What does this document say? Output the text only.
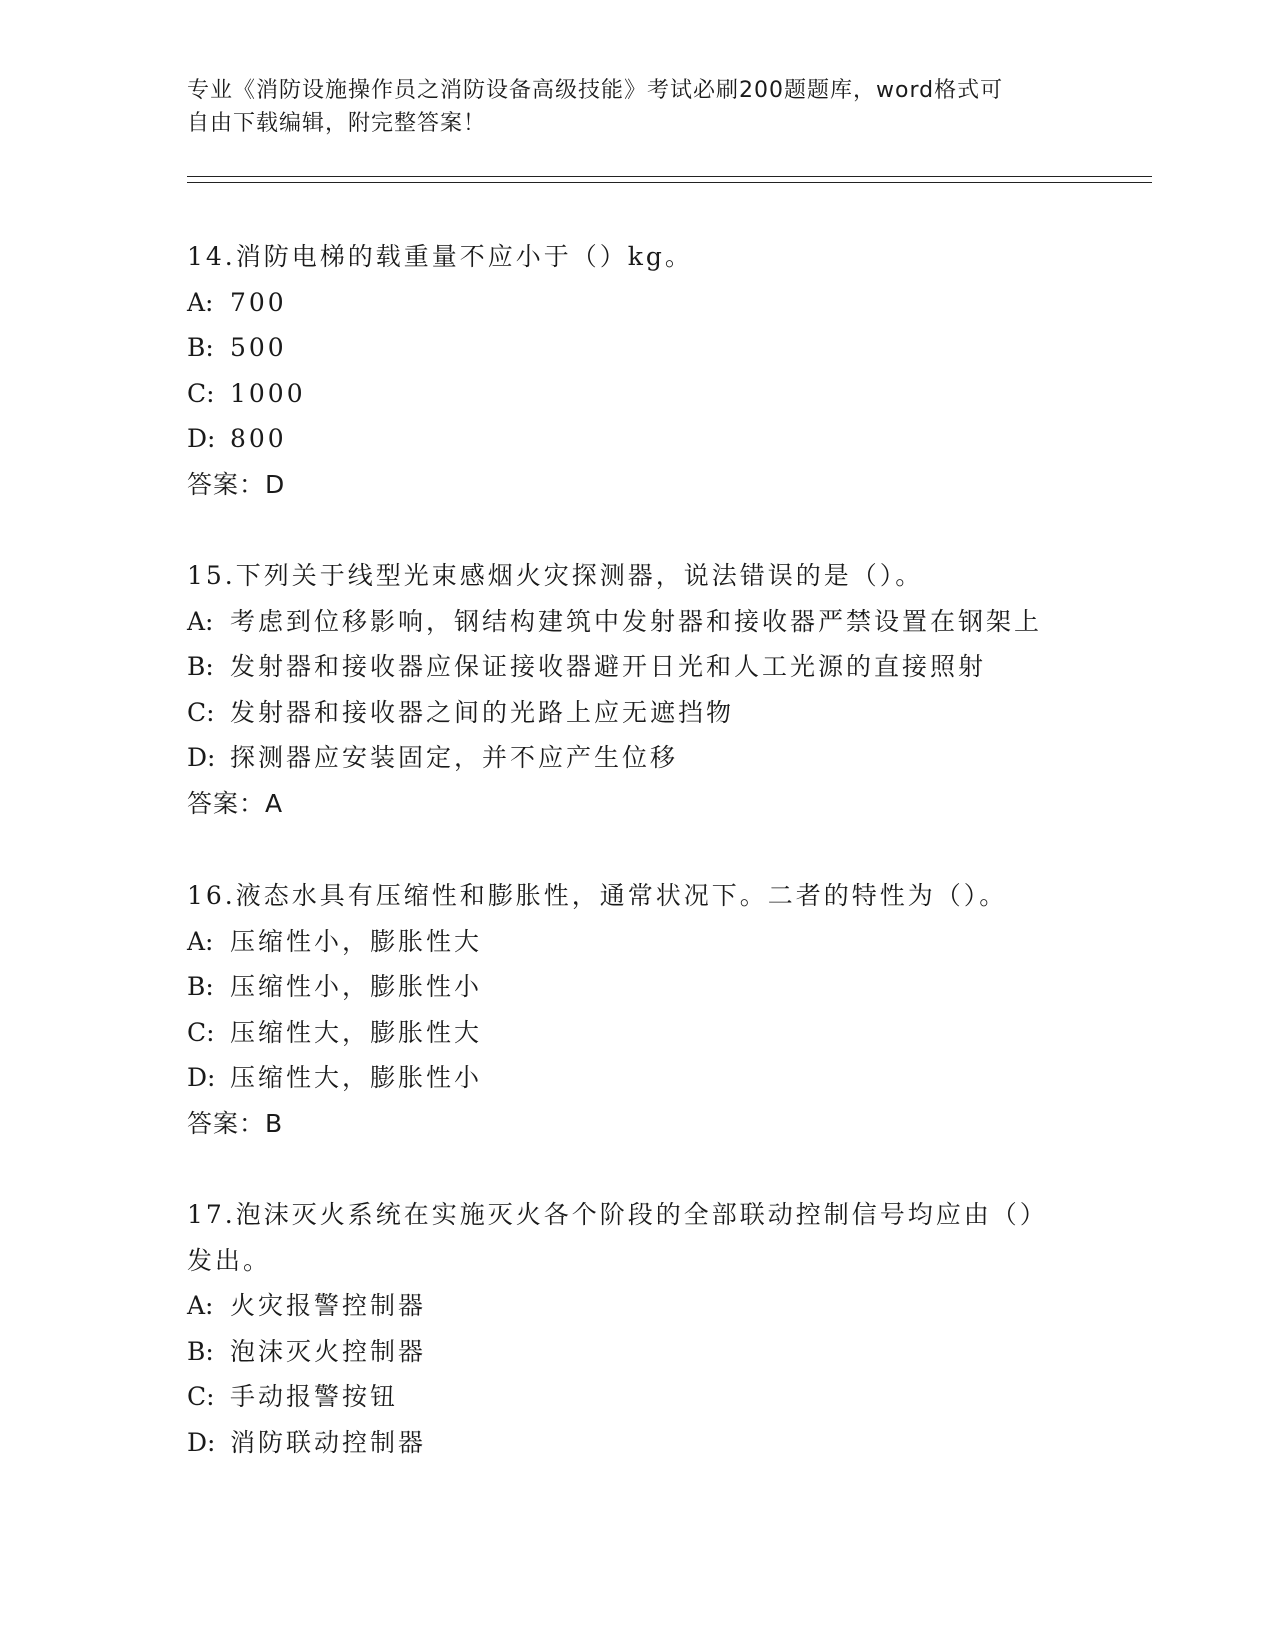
专业《消防设施操作员之消防设备高级技能》考试必刷200题题库，word格式可
自由下载编辑，附完整答案！
14.消防电梯的载重量不应小于（）kg。
A: 700
B: 500
C: 1000
D: 800
答案：D
15.下列关于线型光束感烟火灾探测器，说法错误的是（）。
A: 考虑到位移影响，钢结构建筑中发射器和接收器严禁设置在钢架上
B: 发射器和接收器应保证接收器避开日光和人工光源的直接照射
C: 发射器和接收器之间的光路上应无遮挡物
D: 探测器应安装固定，并不应产生位移
答案：A
16.液态水具有压缩性和膨胀性，通常状况下。二者的特性为（）。
A: 压缩性小，膨胀性大
B: 压缩性小，膨胀性小
C: 压缩性大，膨胀性大
D: 压缩性大，膨胀性小
答案：B
17.泡沫灭火系统在实施灭火各个阶段的全部联动控制信号均应由（）
发出。
A: 火灾报警控制器
B: 泡沫灭火控制器
C: 手动报警按钮
D: 消防联动控制器
